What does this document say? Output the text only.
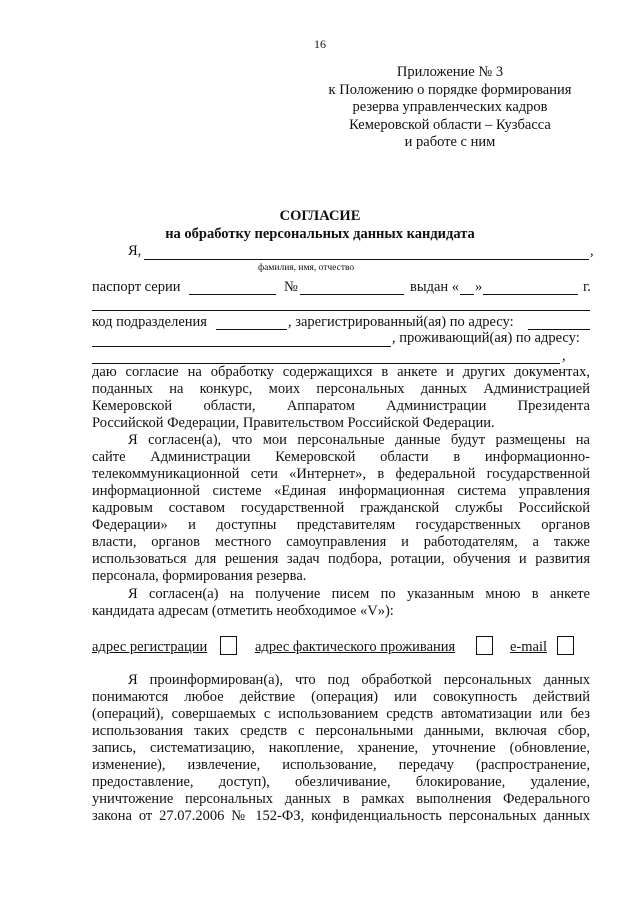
16
Приложение № 3
к Положению о порядке формирования
резерва управленческих кадров
Кемеровской области – Кузбасса
и работе с ним
СОГЛАСИЕ
на обработку персональных данных кандидата
Я,	,
фамилия, имя, отчество
паспорт серии	№	выдан « »	г.
код подразделения	, зарегистрированный(ая) по адресу:
, проживающий(ая) по адресу:
,
даю согласие на обработку содержащихся в анкете и других документах,
поданных на конкурс, моих персональных данных Администрацией
Кемеровской области, Аппаратом Администрации Президента
Российской Федерации, Правительством Российской Федерации.
Я согласен(а), что мои персональные данные будут размещены на
сайте Администрации Кемеровской области в информационно-
телекоммуникационной сети «Интернет», в федеральной государственной
информационной системе «Единая информационная система управления
кадровым составом государственной гражданской службы Российской
Федерации» и доступны представителям государственных органов
власти, органов местного самоуправления и работодателям, а также
использоваться для решения задач подбора, ротации, обучения и развития
персонала, формирования резерва.
Я согласен(а) на получение писем по указанным мною в анкете
кандидата адресам (отметить необходимое «V»):
адрес регистрации	адрес фактического проживания	e-mail
Я проинформирован(а), что под обработкой персональных данных
понимаются любое действие (операция) или совокупность действий
(операций), совершаемых с использованием средств автоматизации или без
использования таких средств с персональными данными, включая сбор,
запись, систематизацию, накопление, хранение, уточнение (обновление,
изменение), извлечение, использование, передачу (распространение,
предоставление, доступ), обезличивание, блокирование, удаление,
уничтожение персональных данных в рамках выполнения Федерального
закона от 27.07.2006 № 152-ФЗ, конфиденциальность персональных данных
